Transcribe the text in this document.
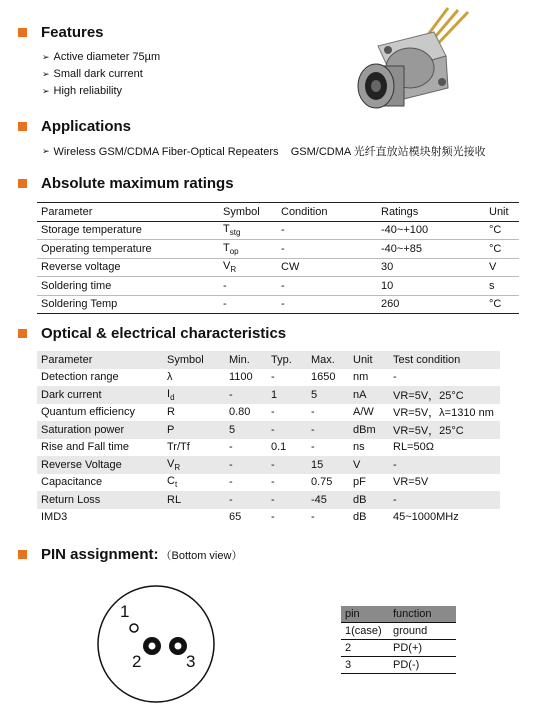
Features
➢ Active diameter 75µm
➢ Small dark current
➢ High reliability
Applications
➢ Wireless GSM/CDMA Fiber-Optical Repeaters    GSM/CDMA 光纤直放站模块射频光接收
Absolute maximum ratings
Parameter	Symbol	Condition	Ratings	Unit
Storage temperature	$T_{stg}$	-	-40~+100	°C
Operating temperature	$T_{op}$	-	-40~+85	°C
Reverse voltage	$V_R$	CW	30	V
Soldering time	-	-	10	s
Soldering Temp	-	-	260	°C
Optical & electrical characteristics
Parameter	Symbol	Min.	Typ.	Max.	Unit	Test condition
Detection range	λ	1100	-	1650	nm	-
Dark current	$I_d$	-	1	5	nA	VR=5V，25°C
Quantum efficiency	R	0.80	-	-	A/W	VR=5V，λ=1310 nm
Saturation power	P	5	-	-	dBm	VR=5V，25°C
Rise and Fall time	Tr/Tf	-	0.1	-	ns	RL=50Ω
Reverse Voltage	$V_R$	-	-	15	V	-
Capacitance	$C_t$	-	-	0.75	pF	VR=5V
Return Loss	RL	-	-	-45	dB	-
IMD3		65	-	-	dB	45~1000MHz
PIN assignment: （Bottom view）
1
2	3
pin	function
1(case)	ground
2	PD(+)
3	PD(-)
